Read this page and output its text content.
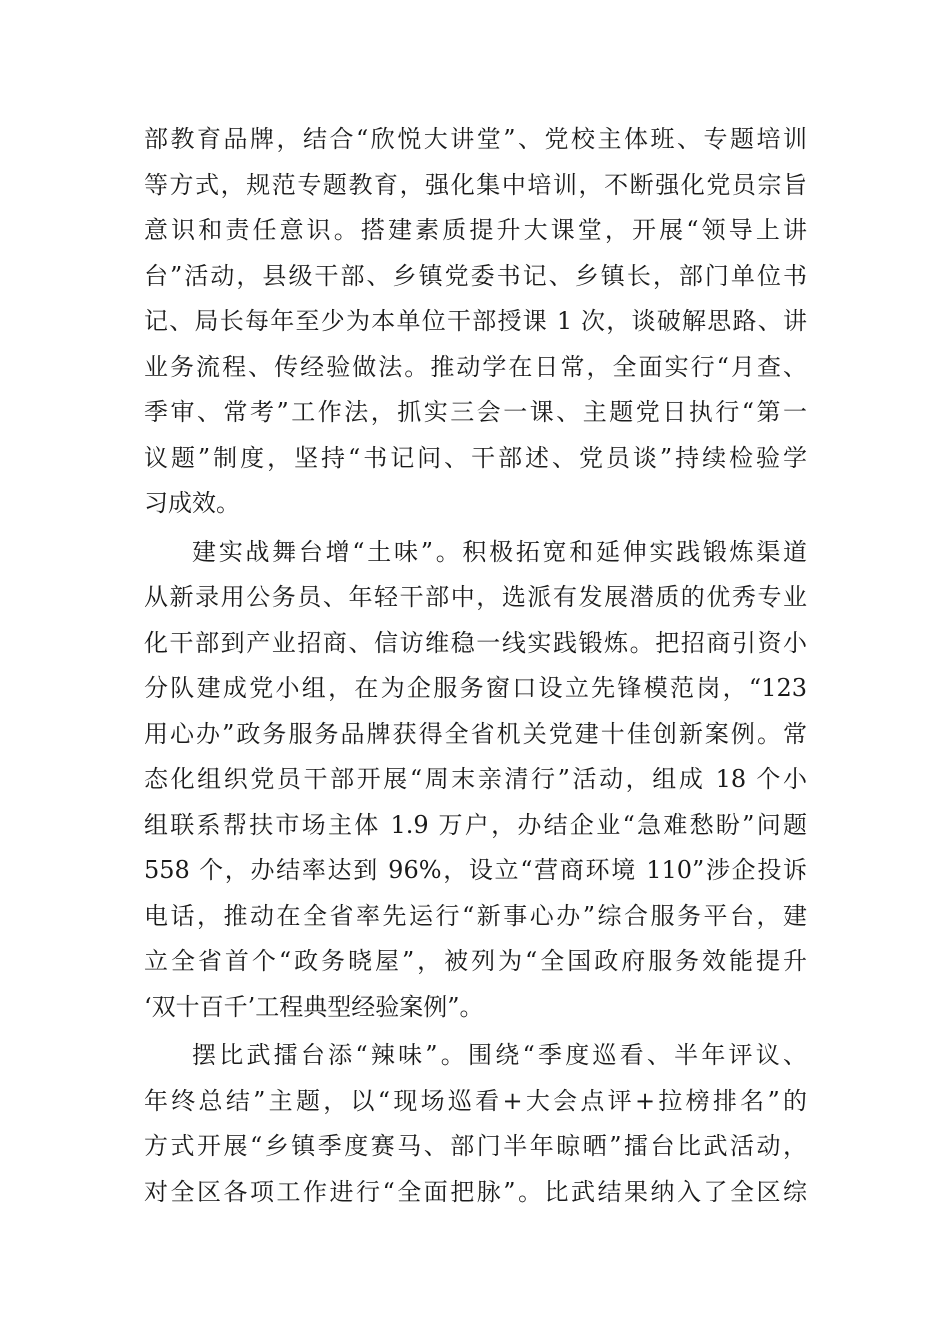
部教育品牌，结合“欣悦大讲堂”、党校主体班、专题培训
等方式，规范专题教育，强化集中培训，不断强化党员宗旨
意识和责任意识。搭建素质提升大课堂，开展“领导上讲
台”活动，县级干部、乡镇党委书记、乡镇长，部门单位书
记、局长每年至少为本单位干部授课 1 次，谈破解思路、讲
业务流程、传经验做法。推动学在日常，全面实行“月查、
季审、常考”工作法，抓实三会一课、主题党日执行“第一
议题”制度，坚持“书记问、干部述、党员谈”持续检验学
习成效。
建实战舞台增“土味”。积极拓宽和延伸实践锻炼渠道
从新录用公务员、年轻干部中，选派有发展潜质的优秀专业
化干部到产业招商、信访维稳一线实践锻炼。把招商引资小
分队建成党小组，在为企服务窗口设立先锋模范岗，“123
用心办”政务服务品牌获得全省机关党建十佳创新案例。常
态化组织党员干部开展“周末亲清行”活动，组成 18 个小
组联系帮扶市场主体 1.9 万户，办结企业“急难愁盼”问题
558 个，办结率达到 96%，设立“营商环境 110”涉企投诉
电话，推动在全省率先运行“新事心办”综合服务平台，建
立全省首个“政务晓屋”，被列为“全国政府服务效能提升
‘双十百千’工程典型经验案例”。
摆比武擂台添“辣味”。围绕“季度巡看、半年评议、
年终总结”主题，以“现场巡看+大会点评+拉榜排名”的
方式开展“乡镇季度赛马、部门半年晾晒”擂台比武活动，
对全区各项工作进行“全面把脉”。比武结果纳入了全区综
